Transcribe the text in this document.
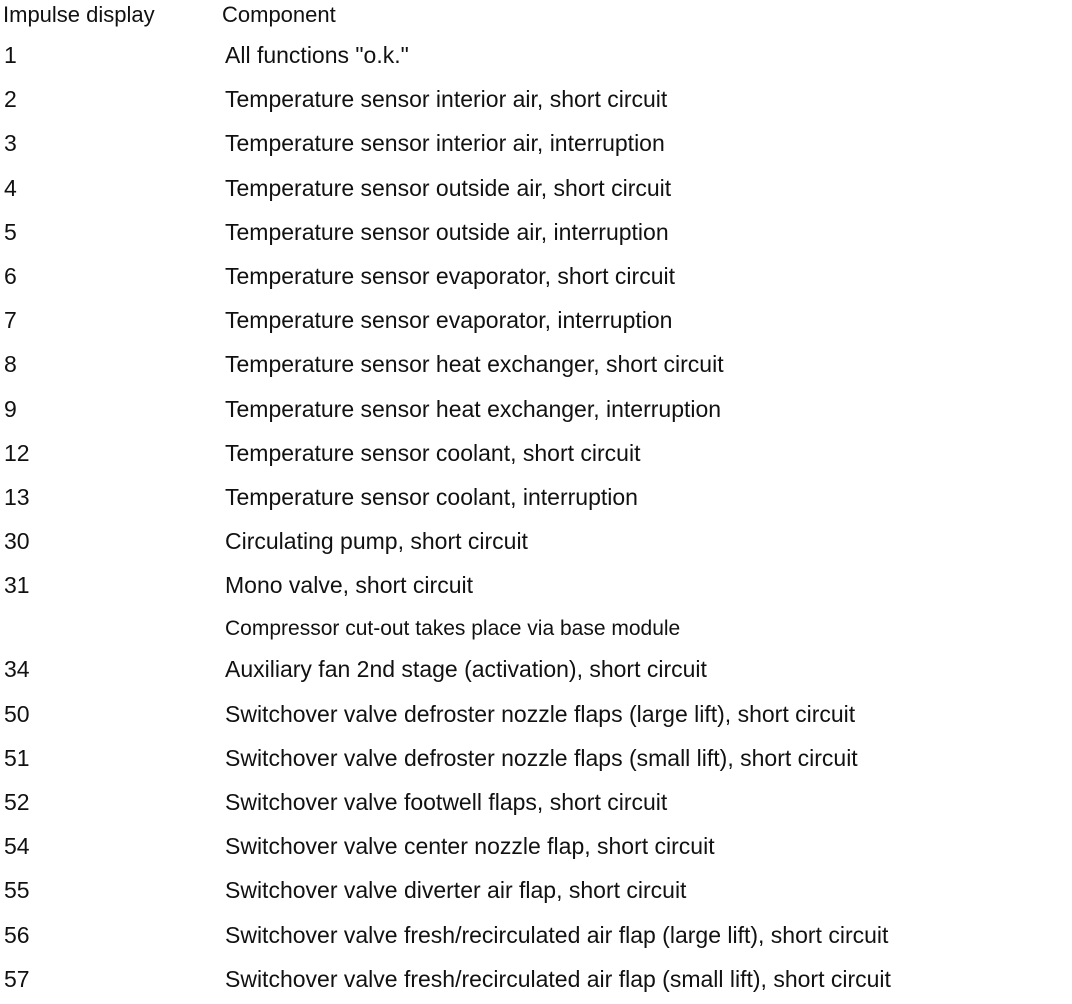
Impulse display	Component
1	All functions "o.k."
2	Temperature sensor interior air, short circuit
3	Temperature sensor interior air, interruption
4	Temperature sensor outside air, short circuit
5	Temperature sensor outside air, interruption
6	Temperature sensor evaporator, short circuit
7	Temperature sensor evaporator, interruption
8	Temperature sensor heat exchanger, short circuit
9	Temperature sensor heat exchanger, interruption
12	Temperature sensor coolant, short circuit
13	Temperature sensor coolant, interruption
30	Circulating pump, short circuit
31	Mono valve, short circuit
Compressor cut-out takes place via base module
34	Auxiliary fan 2nd stage (activation), short circuit
50	Switchover valve defroster nozzle flaps (large lift), short circuit
51	Switchover valve defroster nozzle flaps (small lift), short circuit
52	Switchover valve footwell flaps, short circuit
54	Switchover valve center nozzle flap, short circuit
55	Switchover valve diverter air flap, short circuit
56	Switchover valve fresh/recirculated air flap (large lift), short circuit
57	Switchover valve fresh/recirculated air flap (small lift), short circuit
